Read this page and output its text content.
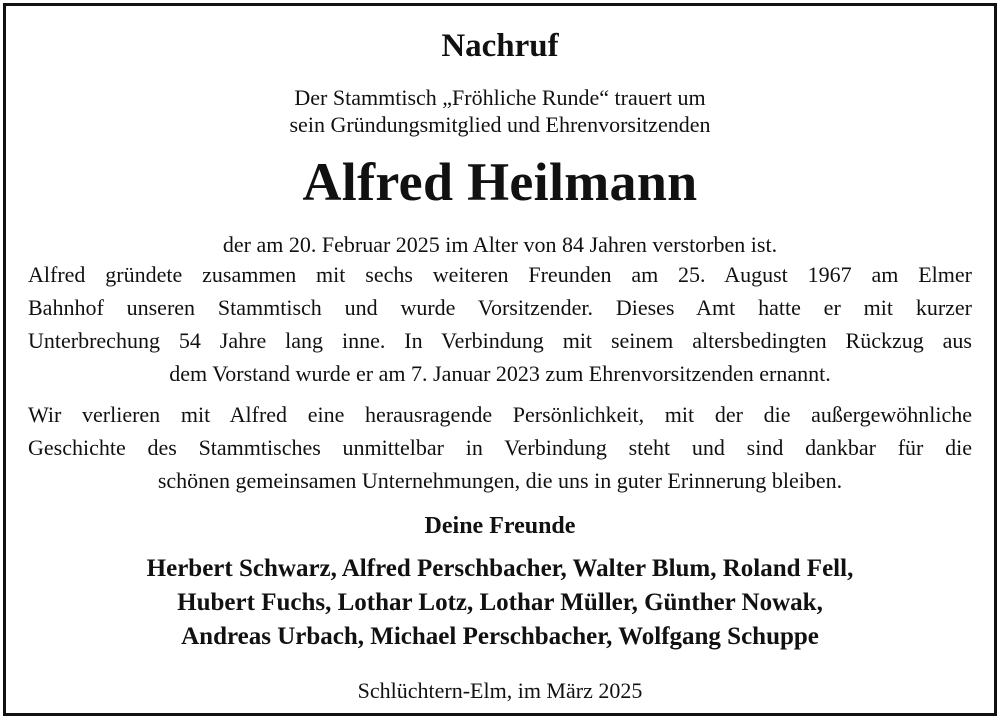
Nachruf
Der Stammtisch „Fröhliche Runde“ trauert um
sein Gründungsmitglied und Ehrenvorsitzenden
Alfred Heilmann
der am 20. Februar 2025 im Alter von 84 Jahren verstorben ist.
Alfred gründete zusammen mit sechs weiteren Freunden am 25. August 1967 am Elmer
Bahnhof unseren Stammtisch und wurde Vorsitzender. Dieses Amt hatte er mit kurzer
Unterbrechung 54 Jahre lang inne. In Verbindung mit seinem altersbedingten Rückzug aus
dem Vorstand wurde er am 7. Januar 2023 zum Ehrenvorsitzenden ernannt.
Wir verlieren mit Alfred eine herausragende Persönlichkeit, mit der die außergewöhnliche
Geschichte des Stammtisches unmittelbar in Verbindung steht und sind dankbar für die
schönen gemeinsamen Unternehmungen, die uns in guter Erinnerung bleiben.
Deine Freunde
Herbert Schwarz, Alfred Perschbacher, Walter Blum, Roland Fell,
Hubert Fuchs, Lothar Lotz, Lothar Müller, Günther Nowak,
Andreas Urbach, Michael Perschbacher, Wolfgang Schuppe
Schlüchtern-Elm, im März 2025
